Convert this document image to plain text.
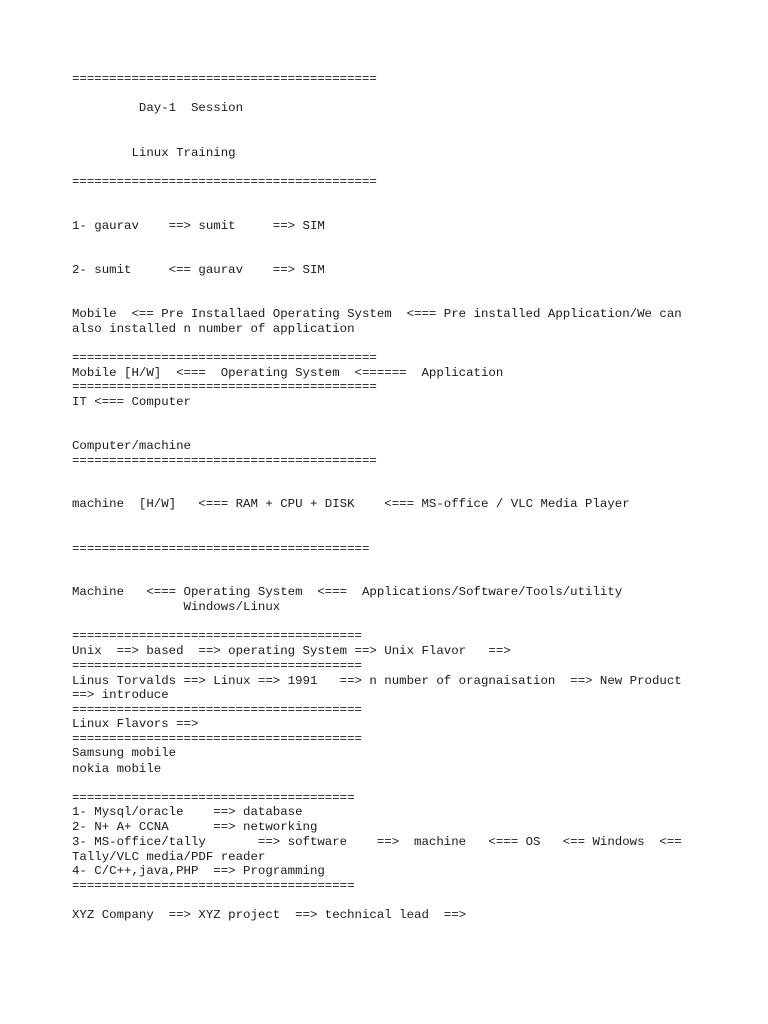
=========================================
Day-1  Session
Linux Training
=========================================
1- gaurav    ==> sumit     ==> SIM
2- sumit     <== gaurav    ==> SIM
Mobile  <== Pre Installaed Operating System  <=== Pre installed Application/We can
also installed n number of application
=========================================
Mobile [H/W]  <===  Operating System  <======  Application
=========================================
IT <=== Computer
Computer/machine
=========================================
machine  [H/W]   <=== RAM + CPU + DISK    <=== MS-office / VLC Media Player
========================================
Machine   <=== Operating System  <===  Applications/Software/Tools/utility
Windows/Linux
=======================================
Unix  ==> based  ==> operating System ==> Unix Flavor   ==>
=======================================
Linus Torvalds ==> Linux ==> 1991   ==> n number of oragnaisation  ==> New Product
==> introduce
=======================================
Linux Flavors ==>
=======================================
Samsung mobile
nokia mobile
======================================
1- Mysql/oracle    ==> database
2- N+ A+ CCNA      ==> networking
3- MS-office/tally       ==> software    ==>  machine   <=== OS   <== Windows  <==
Tally/VLC media/PDF reader
4- C/C++,java,PHP  ==> Programming
======================================
XYZ Company  ==> XYZ project  ==> technical lead  ==>
